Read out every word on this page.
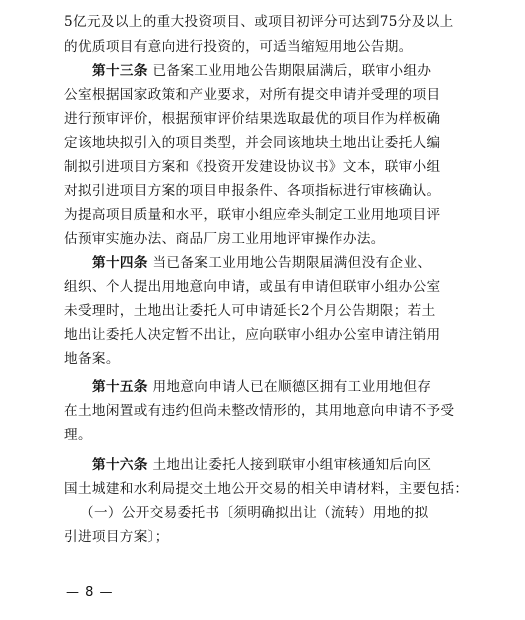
5亿元及以上的重大投资项目、或项目初评分可达到75分及以上
的优质项目有意向进行投资的，可适当缩短用地公告期。
第十三条 已备案工业用地公告期限届满后，联审小组办
公室根据国家政策和产业要求，对所有提交申请并受理的项目
进行预审评价，根据预审评价结果选取最优的项目作为样板确
定该地块拟引入的项目类型，并会同该地块土地出让委托人编
制拟引进项目方案和《投资开发建设协议书》文本，联审小组
对拟引进项目方案的项目申报条件、各项指标进行审核确认。
为提高项目质量和水平，联审小组应牵头制定工业用地项目评
估预审实施办法、商品厂房工业用地评审操作办法。
第十四条 当已备案工业用地公告期限届满但没有企业、
组织、个人提出用地意向申请，或虽有申请但联审小组办公室
未受理时，土地出让委托人可申请延长2个月公告期限；若土
地出让委托人决定暂不出让，应向联审小组办公室申请注销用
地备案。
第十五条 用地意向申请人已在顺德区拥有工业用地但存
在土地闲置或有违约但尚未整改情形的，其用地意向申请不予受
理。
第十六条 土地出让委托人接到联审小组审核通知后向区
国土城建和水利局提交土地公开交易的相关申请材料，主要包括：
（一）公开交易委托书〔须明确拟出让（流转）用地的拟
引进项目方案〕；
— 8 —
